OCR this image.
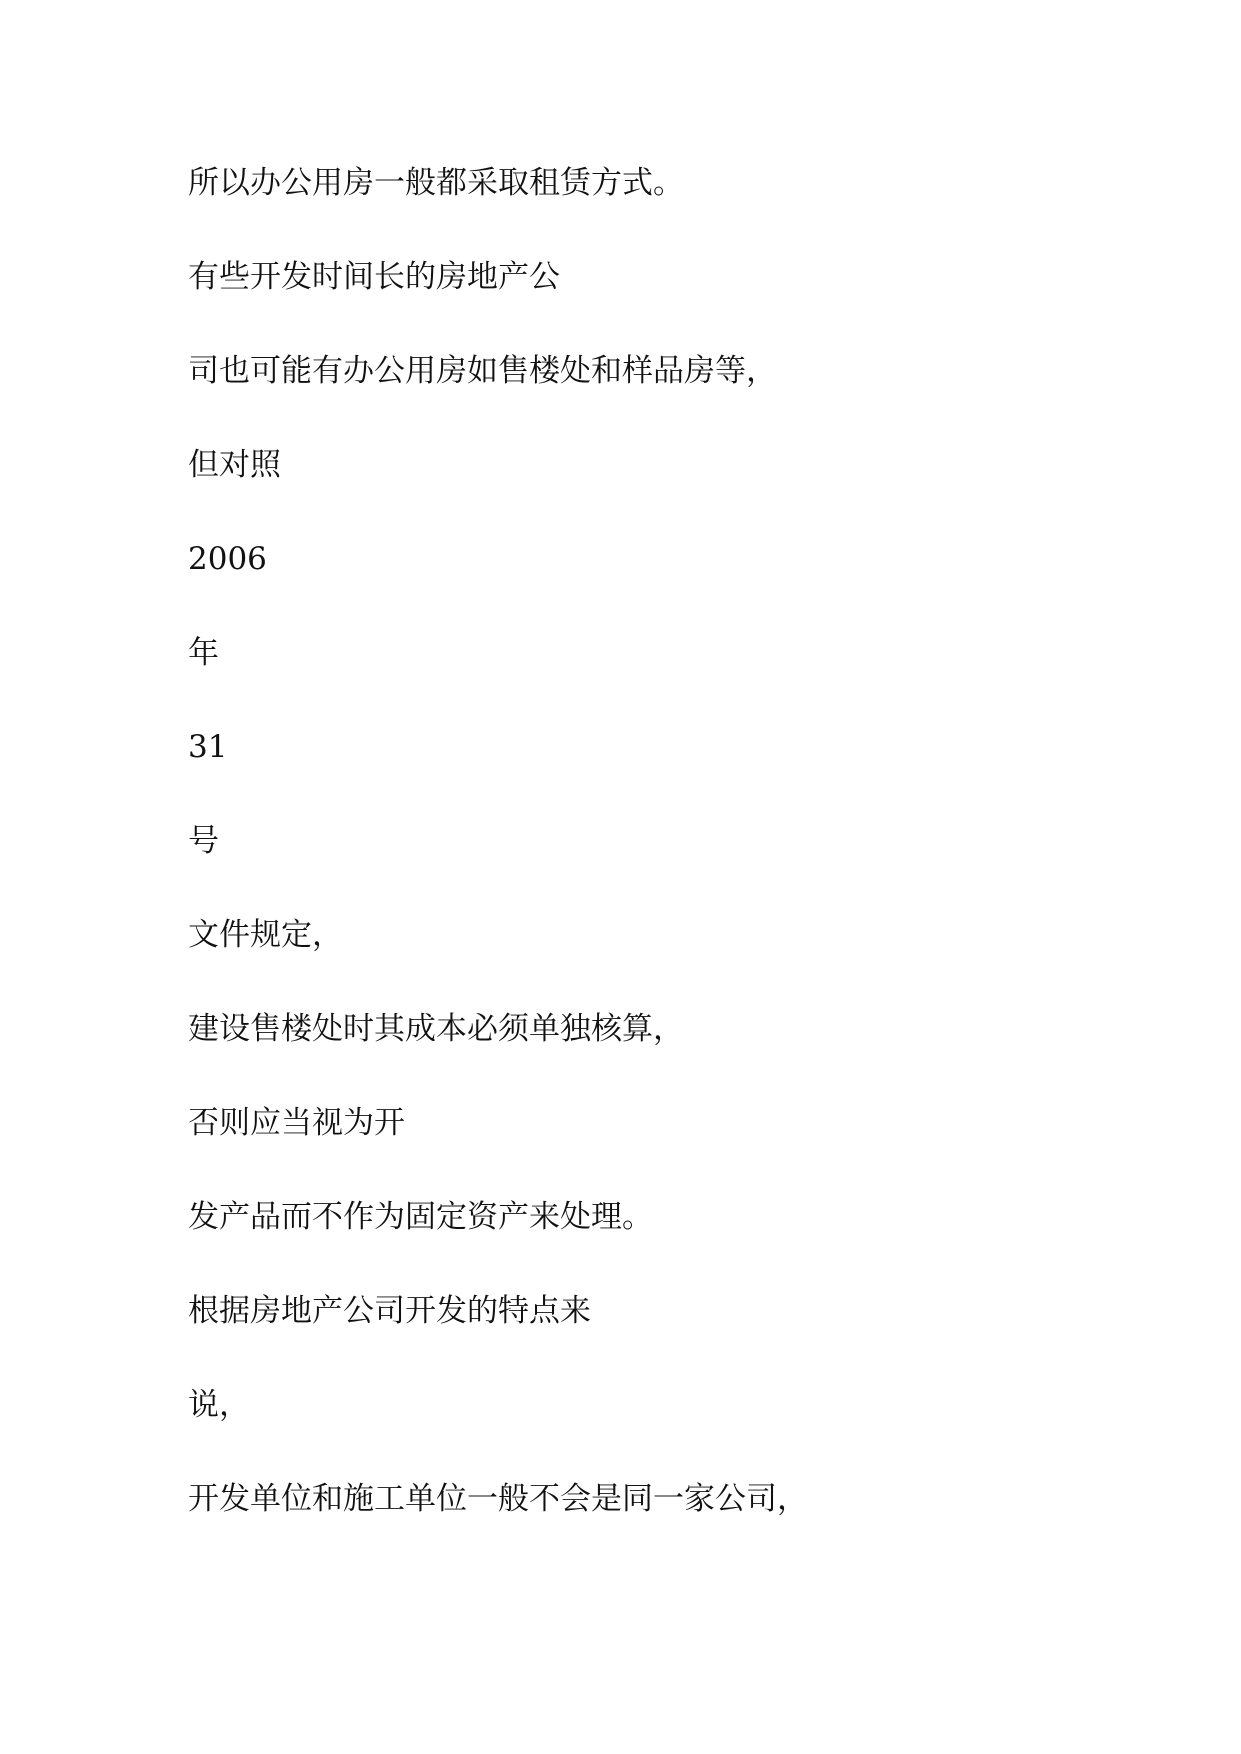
所以办公用房一般都采取租赁方式。
有些开发时间长的房地产公
司也可能有办公用房如售楼处和样品房等，
但对照
2006
年
31
号
文件规定，
建设售楼处时其成本必须单独核算，
否则应当视为开
发产品而不作为固定资产来处理。
根据房地产公司开发的特点来
说，
开发单位和施工单位一般不会是同一家公司，
